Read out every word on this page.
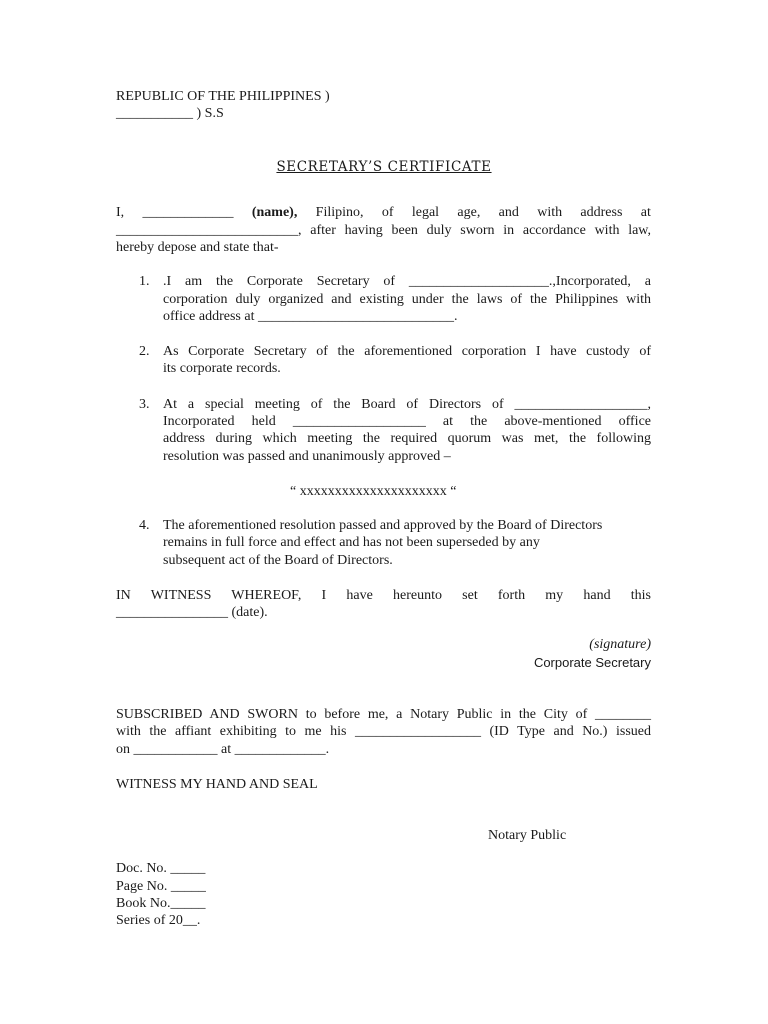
REPUBLIC OF THE PHILIPPINES )
___________ ) S.S
SECRETARY’S CERTIFICATE
I, _____________ (name), Filipino, of legal age, and with address at
__________________________, after having been duly sworn in accordance with law,
hereby depose and state that-
1. .I am the Corporate Secretary of ____________________.,Incorporated, a
corporation duly organized and existing under the laws of the Philippines with
office address at ____________________________.
2. As Corporate Secretary of the aforementioned corporation I have custody of
its corporate records.
3. At a special meeting of the Board of Directors of ___________________,
Incorporated held ___________________ at the above-mentioned office
address during which meeting the required quorum was met, the following
resolution was passed and unanimously approved –
“ xxxxxxxxxxxxxxxxxxxxx “
4. The aforementioned resolution passed and approved by the Board of Directors
remains in full force and effect and has not been superseded by any
subsequent act of the Board of Directors.
IN WITNESS WHEREOF, I have hereunto set forth my hand this
________________ (date).
(signature)
Corporate Secretary
SUBSCRIBED AND SWORN to before me, a Notary Public in the City of ________
with the affiant exhibiting to me his __________________ (ID Type and No.) issued
on ____________ at _____________.
WITNESS MY HAND AND SEAL
Notary Public
Doc. No. _____
Page No. _____
Book No._____
Series of 20__.
